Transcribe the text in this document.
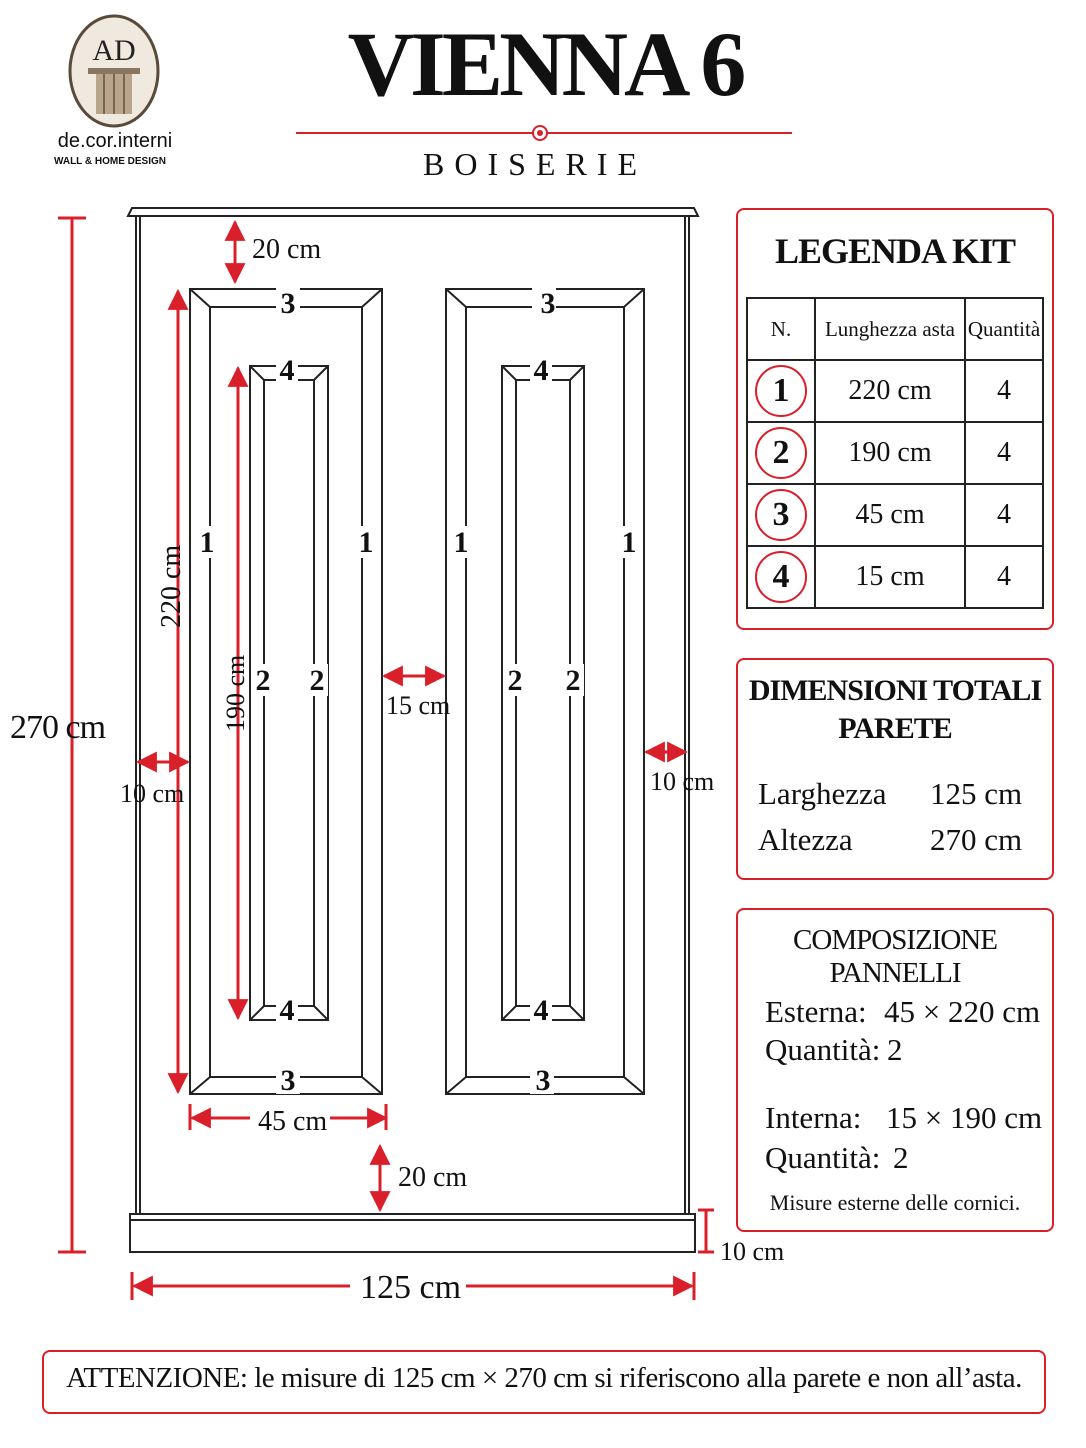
AD
de.cor.interni
WALL & HOME DESIGN
VIENNA 6
BOISERIE
270 cm
20 cm
20 cm
10 cm
15 cm
10 cm
45 cm
125 cm
10 cm
220 cm
190 cm
3	3
3	3
4	4
4	4
1	1	1	1
2 2	2 2
LEGENDA KIT
N.	Lunghezza asta	Quantità
1	220 cm	4
2	190 cm	4
3	45 cm	4
4	15 cm	4
DIMENSIONI TOTALI
PARETE
Larghezza 125 cm
Altezza 270 cm
COMPOSIZIONE PANNELLI
Esterna: 45 × 220 cm
Quantità: 2
Interna: 15 × 190 cm
Quantità: 2
Misure esterne delle cornici.
ATTENZIONE: le misure di 125 cm × 270 cm si riferiscono alla parete e non all’asta.
